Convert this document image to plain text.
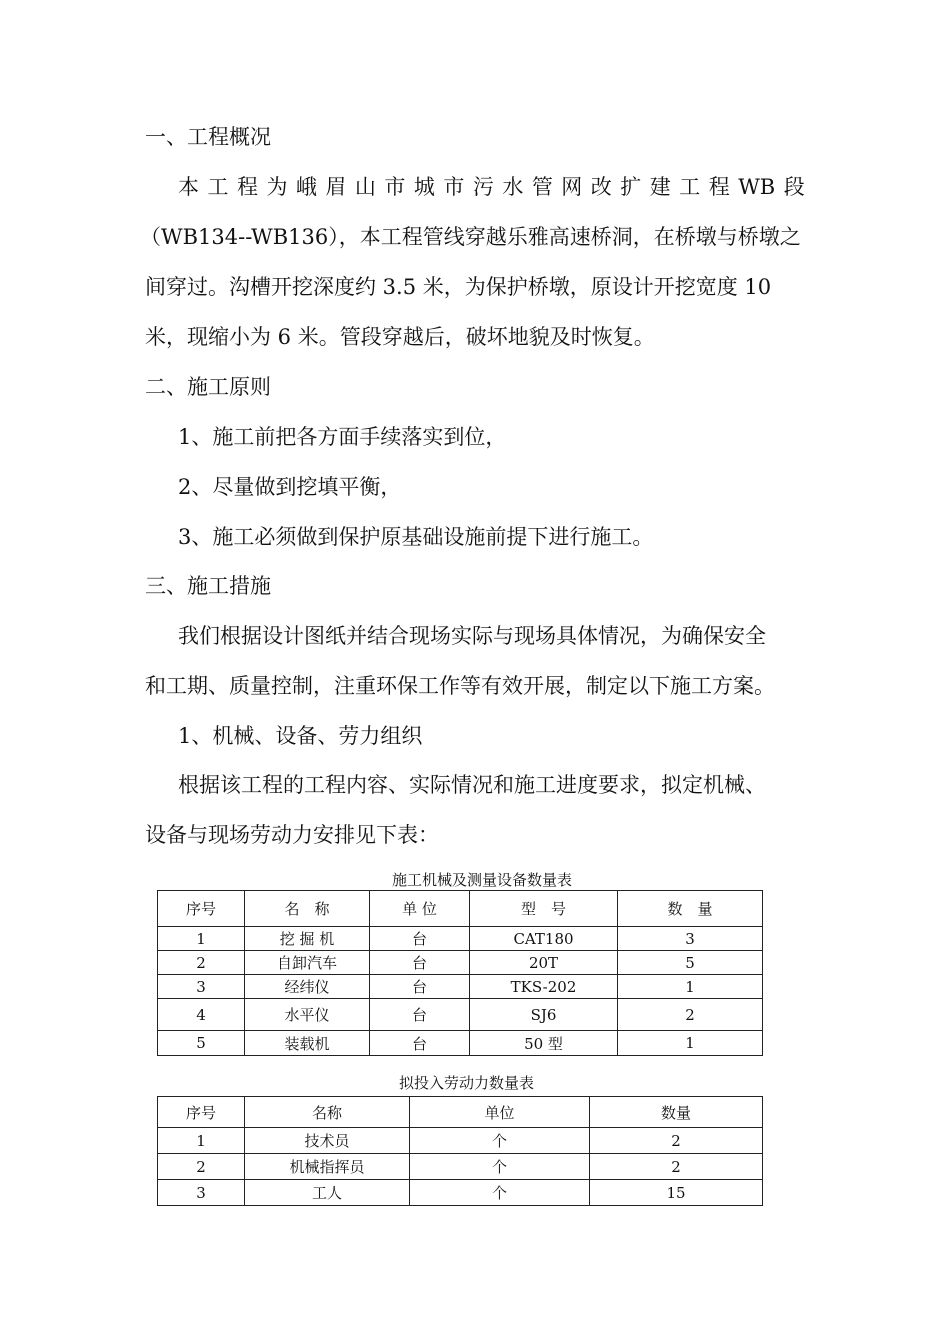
一、工程概况
本 工 程 为 峨 眉 山 市 城 市 污 水 管 网 改 扩 建 工 程 WB 段
（WB134--WB136），本工程管线穿越乐雅高速桥洞，在桥墩与桥墩之
间穿过。沟槽开挖深度约 3.5 米，为保护桥墩，原设计开挖宽度 10
米，现缩小为 6 米。管段穿越后，破坏地貌及时恢复。
二、施工原则
1、施工前把各方面手续落实到位，
2、尽量做到挖填平衡，
3、施工必须做到保护原基础设施前提下进行施工。
三、施工措施
我们根据设计图纸并结合现场实际与现场具体情况，为确保安全
和工期、质量控制，注重环保工作等有效开展，制定以下施工方案。
1、机械、设备、劳力组织
根据该工程的工程内容、实际情况和施工进度要求，拟定机械、
设备与现场劳动力安排见下表：
施工机械及测量设备数量表
序号	名　称	单 位	型　号	数　量
1	挖 掘 机	台	CAT180	3
2	自卸汽车	台	20T	5
3	经纬仪	台	TKS-202	1
4	水平仪	台	SJ6	2
5	装载机	台	50 型	1
拟投入劳动力数量表
序号	名称	单位	数量
1	技术员	个	2
2	机械指挥员	个	2
3	工人	个	15
